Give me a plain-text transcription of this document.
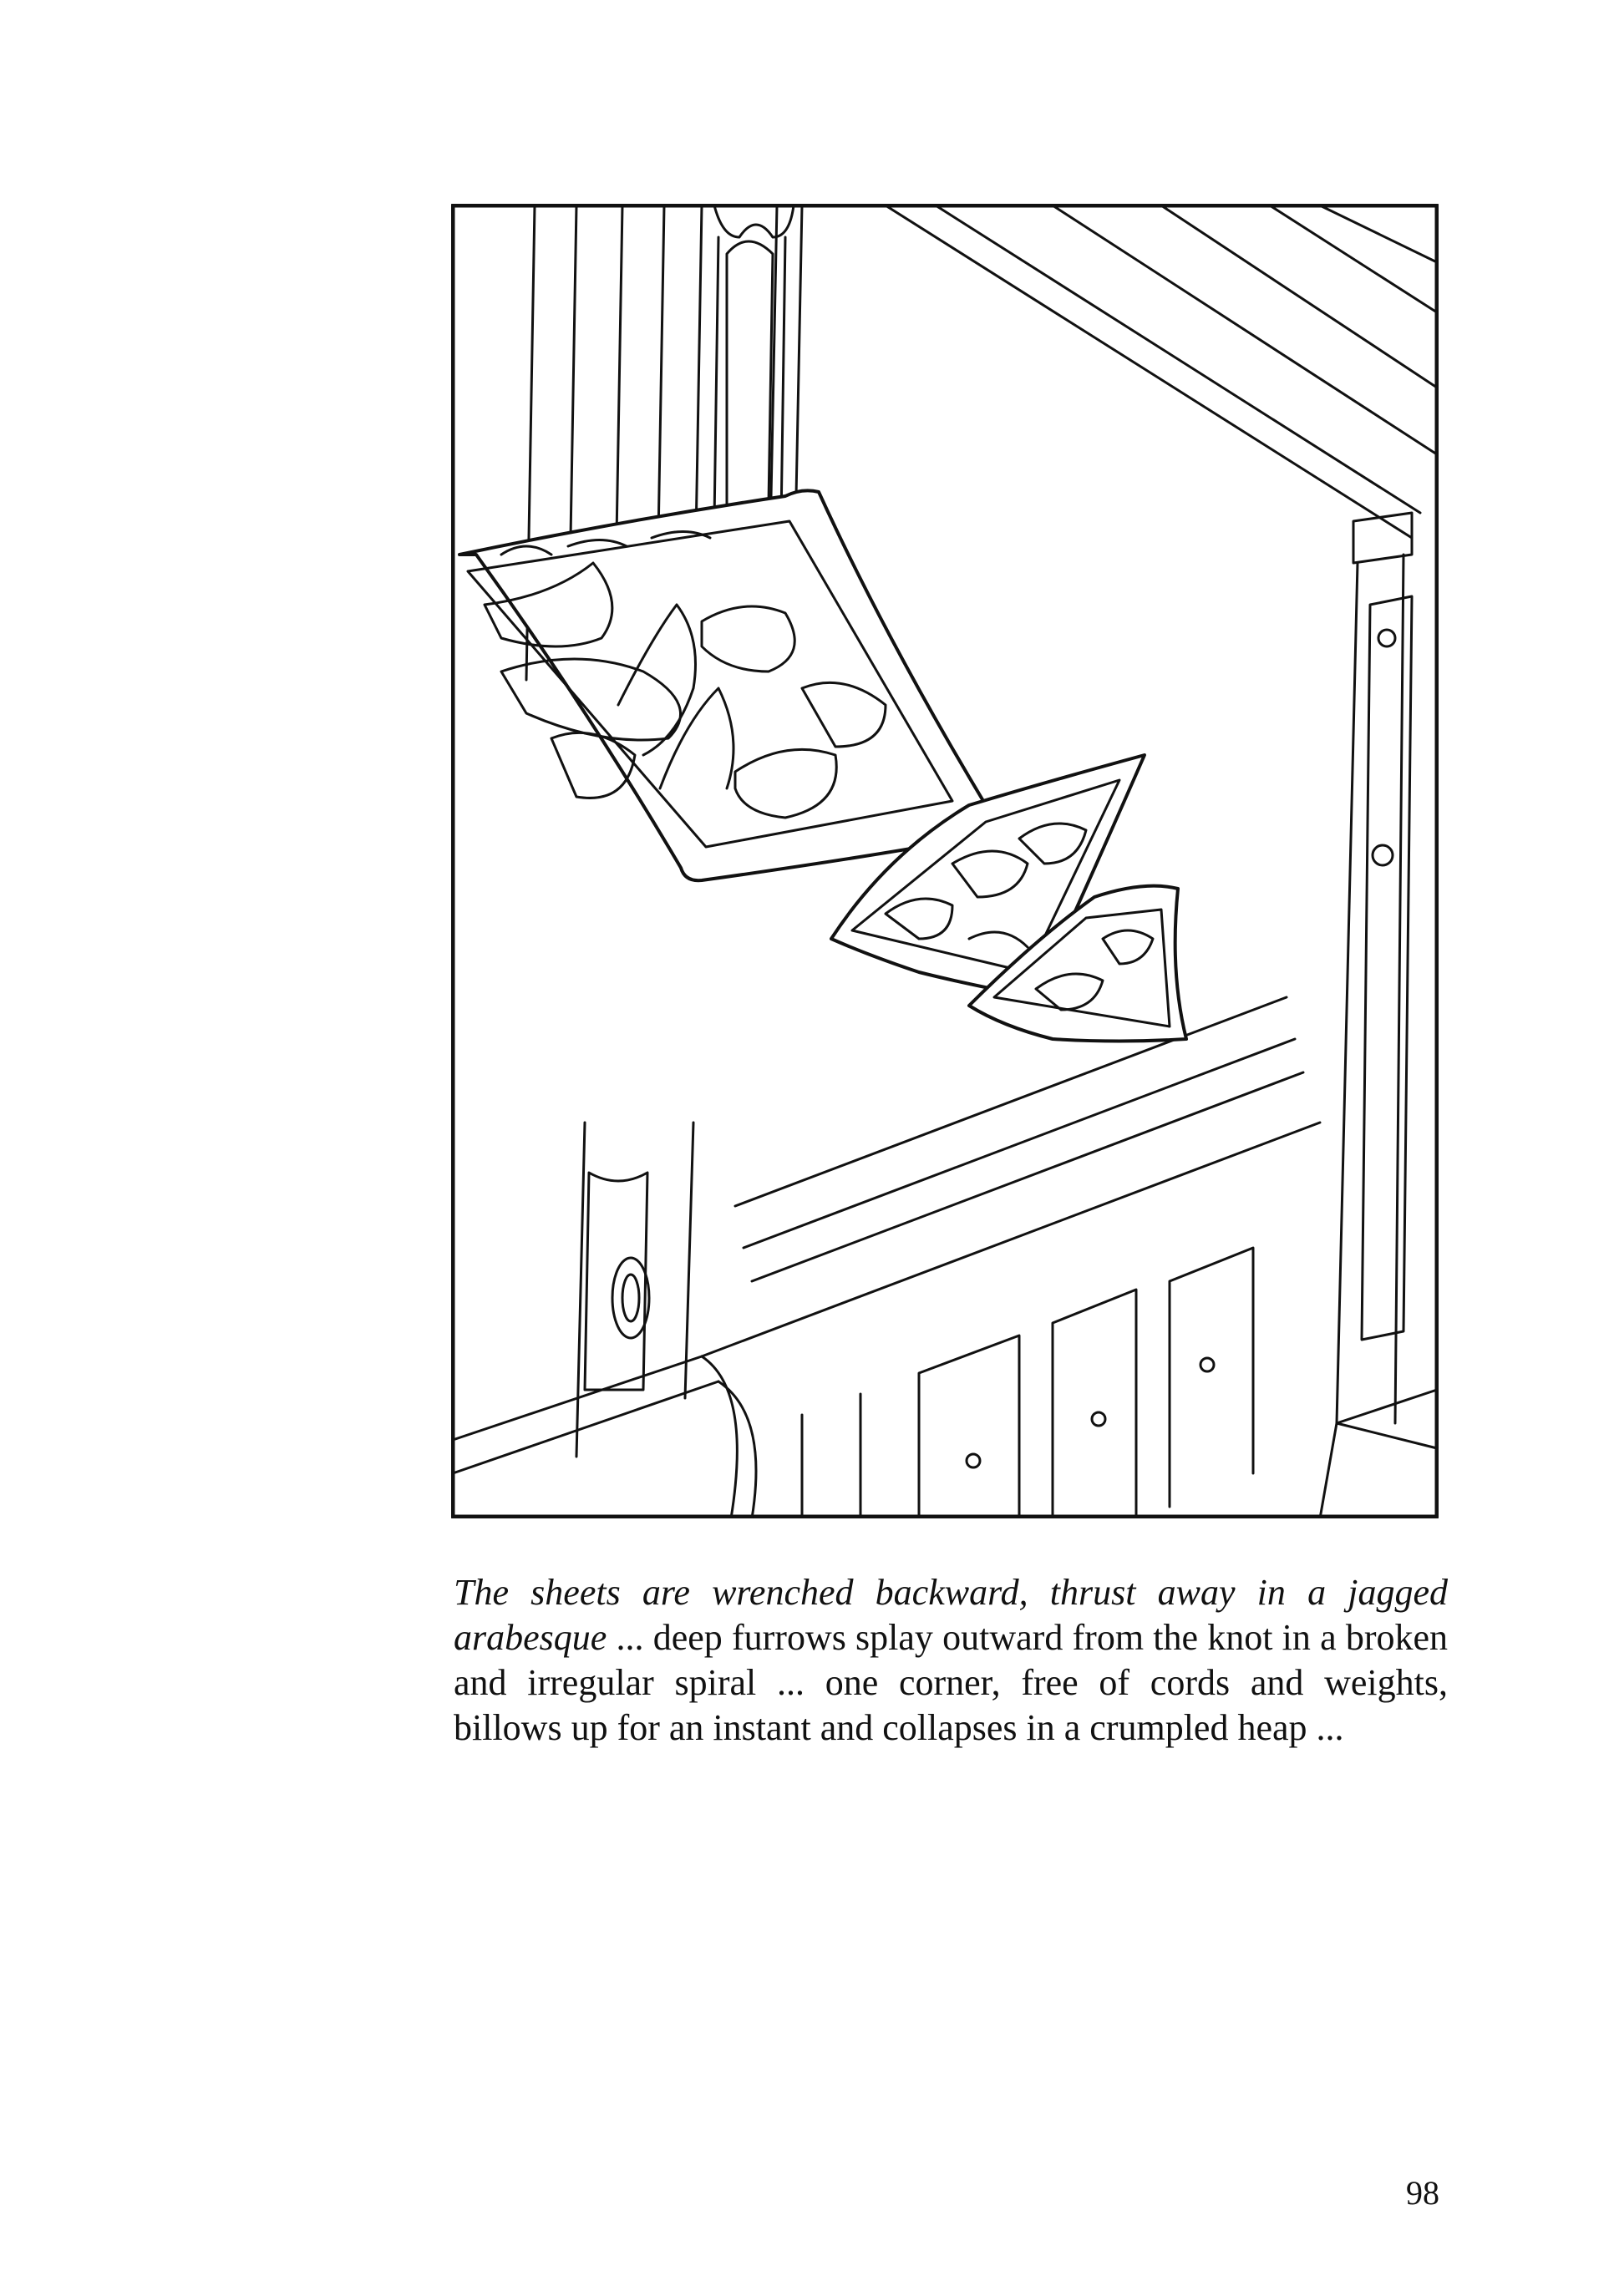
The sheets are wrenched backward, thrust away in a jagged arabesque ... deep furrows splay outward from the knot in a broken and irregular spiral ... one corner, free of cords and weights, billows up for an instant and collapses in a crumpled heap ...

98
